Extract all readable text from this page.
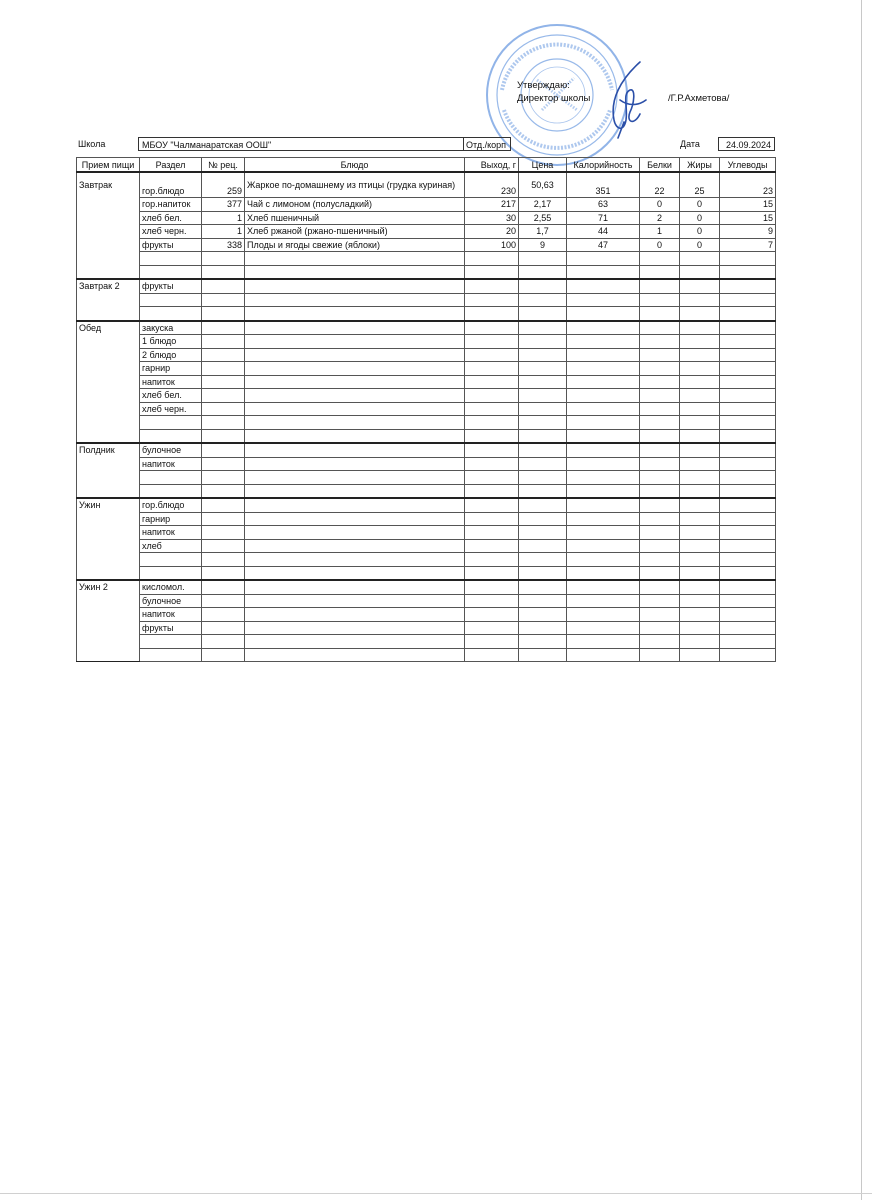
Утверждаю:
Директор школы	/Г.Р.Ахметова/
Школа	МБОУ "Чалманаратская ООШ"	Отд./корп	Дата	24.09.2024
Прием пищи	Раздел	№ рец.	Блюдо	Выход, г	Цена	Калорийность	Белки	Жиры	Углеводы
Завтрак	гор.блюдо	259	Жаркое по-домашнему из птицы (грудка куриная)	230	50,63	351	22	25	23
	гор.напиток	377	Чай с лимоном (полусладкий)	217	2,17	63	0	0	15
	хлеб бел.	1	Хлеб пшеничный	30	2,55	71	2	0	15
	хлеб черн.	1	Хлеб ржаной (ржано-пшеничный)	20	1,7	44	1	0	9
	фрукты	338	Плоды и ягоды свежие (яблоки)	100	9	47	0	0	7

Завтрак 2	фрукты								

Обед	закуска								
	1 блюдо								
	2 блюдо								
	гарнир								
	напиток								
	хлеб бел.								
	хлеб черн.								

Полдник	булочное								
	напиток								

Ужин	гор.блюдо								
	гарнир								
	напиток								
	хлеб								

Ужин 2	кисломол.								
	булочное								
	напиток								
	фрукты								
